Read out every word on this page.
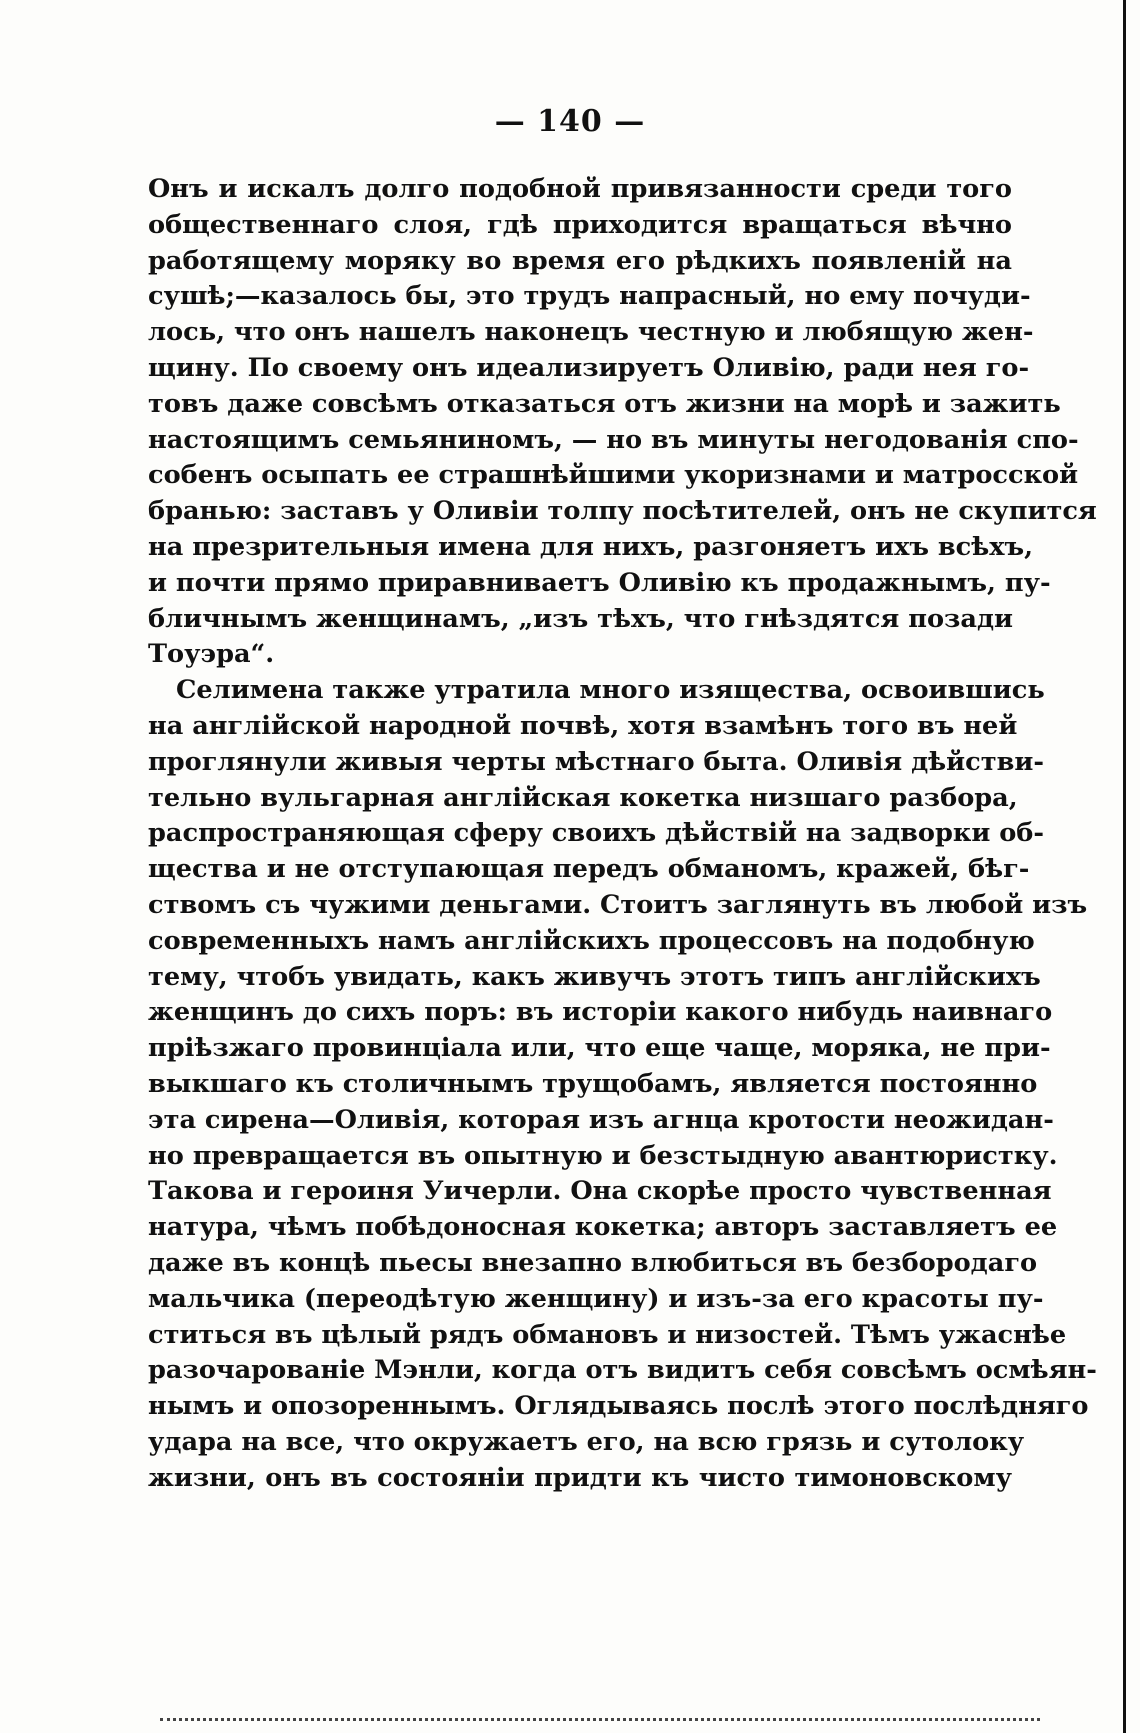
— 140 —
Онъ и искалъ долго подобной привязанности среди того
общественнаго слоя, гдѣ приходится вращаться вѣчно
работящему моряку во время его рѣдкихъ появленій на
сушѣ;—казалось бы, это трудъ напрасный, но ему почуди-
лось, что онъ нашелъ наконецъ честную и любящую жен-
щину. По своему онъ идеализируетъ Оливію, ради нея го-
товъ даже совсѣмъ отказаться отъ жизни на морѣ и зажить
настоящимъ семьяниномъ, — но въ минуты негодованія спо-
собенъ осыпать ее страшнѣйшими укоризнами и матросской
бранью: заставъ у Оливіи толпу посѣтителей, онъ не скупится
на презрительныя имена для нихъ, разгоняетъ ихъ всѣхъ,
и почти прямо приравниваетъ Оливію къ продажнымъ, пу-
бличнымъ женщинамъ, „изъ тѣхъ, что гнѣздятся позади
Тоуэра“.
Селимена также утратила много изящества, освоившись
на англійской народной почвѣ, хотя взамѣнъ того въ ней
проглянули живыя черты мѣстнаго быта. Оливія дѣйстви-
тельно вульгарная англійская кокетка низшаго разбора,
распространяющая сферу своихъ дѣйствій на задворки об-
щества и не отступающая передъ обманомъ, кражей, бѣг-
ствомъ съ чужими деньгами. Стоитъ заглянуть въ любой изъ
современныхъ намъ англійскихъ процессовъ на подобную
тему, чтобъ увидать, какъ живучъ этотъ типъ англійскихъ
женщинъ до сихъ поръ: въ исторіи какого нибудь наивнаго
пріѣзжаго провинціала или, что еще чаще, моряка, не при-
выкшаго къ столичнымъ трущобамъ, является постоянно
эта сирена—Оливія, которая изъ агнца кротости неожидан-
но превращается въ опытную и безстыдную авантюристку.
Такова и героиня Уичерли. Она скорѣе просто чувственная
натура, чѣмъ побѣдоносная кокетка; авторъ заставляетъ ее
даже въ концѣ пьесы внезапно влюбиться въ безбородаго
мальчика (переодѣтую женщину) и изъ-за его красоты пу-
ститься въ цѣлый рядъ обмановъ и низостей. Тѣмъ ужаснѣе
разочарованіе Мэнли, когда отъ видитъ себя совсѣмъ осмѣян-
нымъ и опозореннымъ. Оглядываясь послѣ этого послѣдняго
удара на все, что окружаетъ его, на всю грязь и сутолоку
жизни, онъ въ состояніи придти къ чисто тимоновскому
